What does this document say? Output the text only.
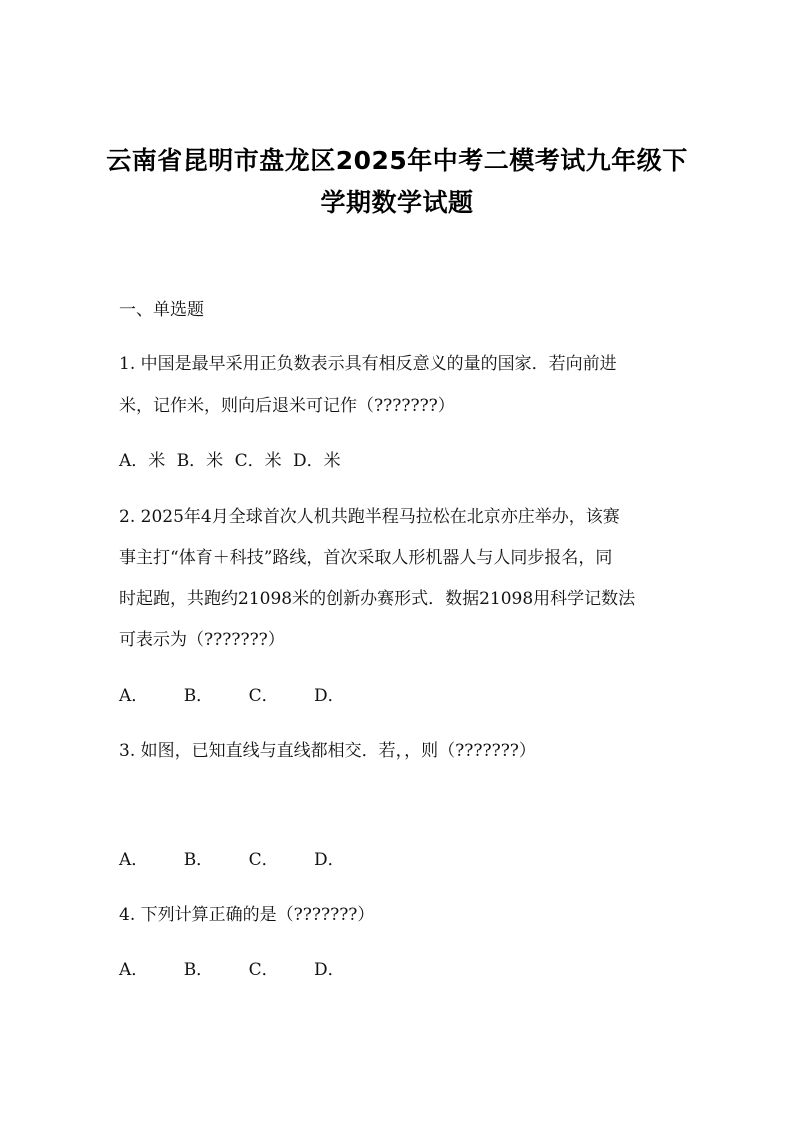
云南省昆明市盘龙区2025年中考二模考试九年级下
学期数学试题
一、单选题
1. 中国是最早采用正负数表示具有相反意义的量的国家．若向前进
米，记作米，则向后退米可记作（???????）
A．米 B．米 C．米 D．米
2. 2025年4月全球首次人机共跑半程马拉松在北京亦庄举办，该赛
事主打“体育＋科技”路线，首次采取人形机器人与人同步报名，同
时起跑，共跑约21098米的创新办赛形式．数据21098用科学记数法
可表示为（???????）
A． B． C． D．
3. 如图，已知直线与直线都相交．若，，则（???????）
A． B． C． D．
4. 下列计算正确的是（???????）
A． B． C． D．
